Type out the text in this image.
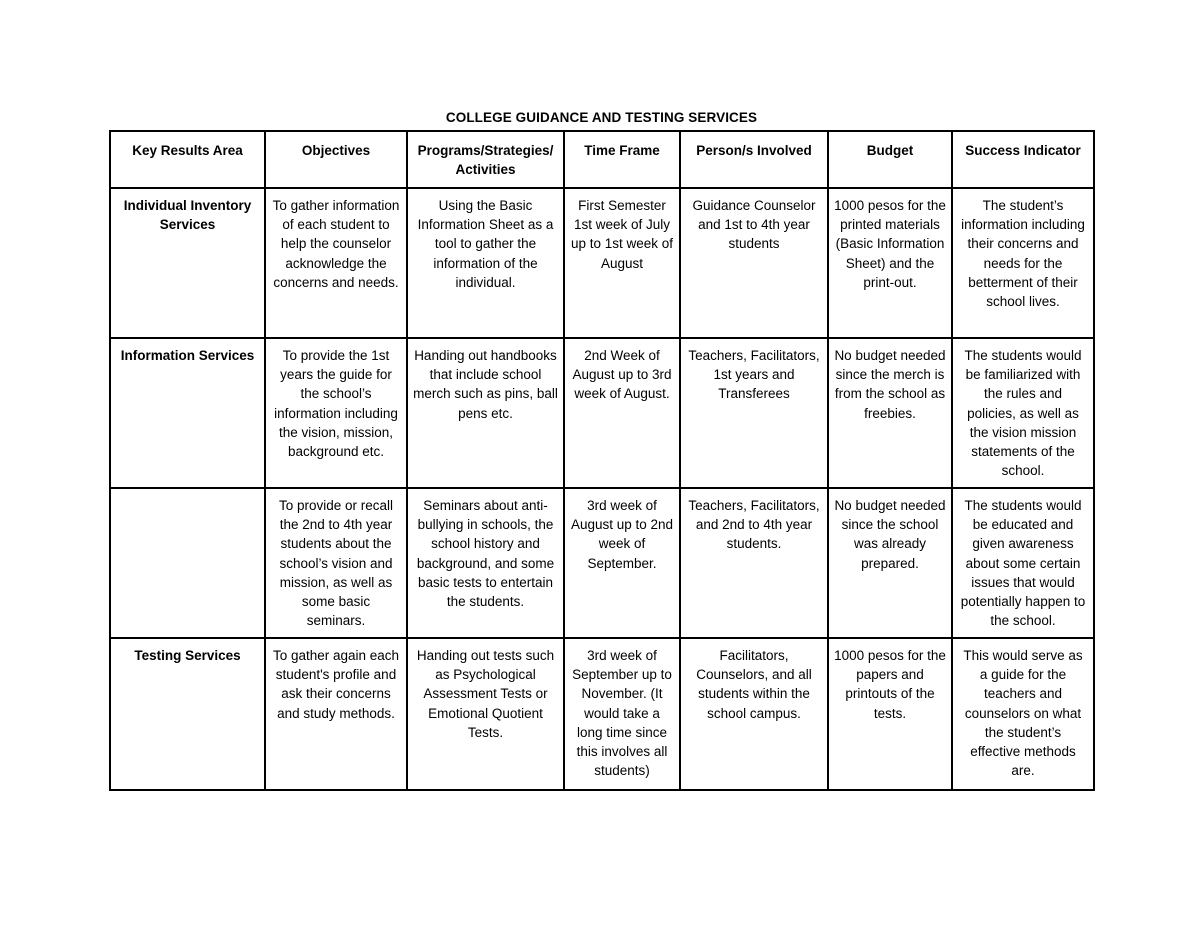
COLLEGE GUIDANCE AND TESTING SERVICES
Key Results Area	Objectives	Programs/Strategies/ Activities	Time Frame	Person/s Involved	Budget	Success Indicator
Individual Inventory Services	To gather information of each student to help the counselor acknowledge the concerns and needs.	Using the Basic Information Sheet as a tool to gather the information of the individual.	First Semester 1st week of July up to 1st week of August	Guidance Counselor and 1st to 4th year students	1000 pesos for the printed materials (Basic Information Sheet) and the print-out.	The student’s information including their concerns and needs for the betterment of their school lives.
Information Services	To provide the 1st years the guide for the school’s information including the vision, mission, background etc.	Handing out handbooks that include school merch such as pins, ball pens etc.	2nd Week of August up to 3rd week of August.	Teachers, Facilitators, 1st years and Transferees	No budget needed since the merch is from the school as freebies.	The students would be familiarized with the rules and policies, as well as the vision mission statements of the school.
	To provide or recall the 2nd to 4th year students about the school’s vision and mission, as well as some basic seminars.	Seminars about anti-bullying in schools, the school history and background, and some basic tests to entertain the students.	3rd week of August up to 2nd week of September.	Teachers, Facilitators, and 2nd to 4th year students.	No budget needed since the school was already prepared.	The students would be educated and given awareness about some certain issues that would potentially happen to the school.
Testing Services	To gather again each student's profile and ask their concerns and study methods.	Handing out tests such as Psychological Assessment Tests or Emotional Quotient Tests.	3rd week of September up to November. (It would take a long time since this involves all students)	Facilitators, Counselors, and all students within the school campus.	1000 pesos for the papers and printouts of the tests.	This would serve as a guide for the teachers and counselors on what the student’s effective methods are.
